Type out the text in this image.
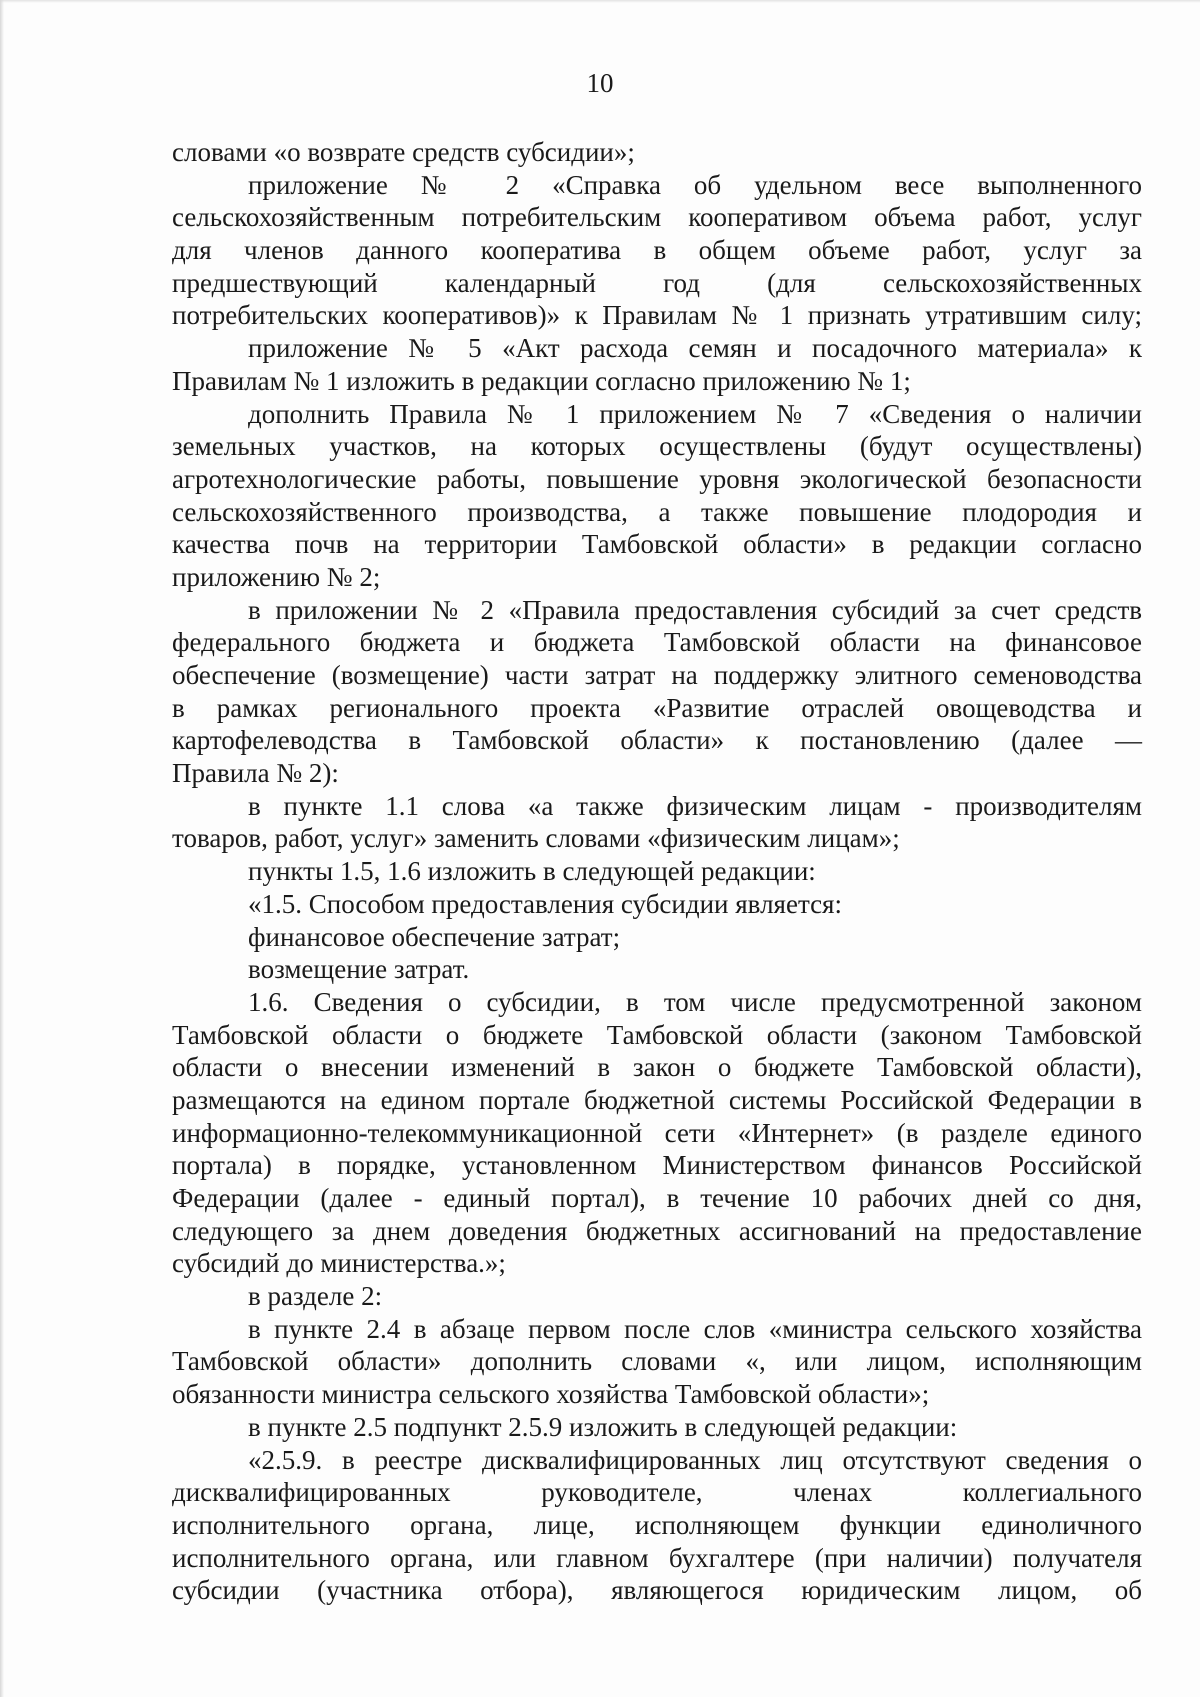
10
словами «о возврате средств субсидии»;
приложение № 2 «Справка об удельном весе выполненного
сельскохозяйственным потребительским кооперативом объема работ, услуг
для членов данного кооператива в общем объеме работ, услуг за
предшествующий календарный год (для сельскохозяйственных
потребительских кооперативов)» к Правилам № 1 признать утратившим силу;
приложение № 5 «Акт расхода семян и посадочного материала» к
Правилам № 1 изложить в редакции согласно приложению № 1;
дополнить Правила № 1 приложением № 7 «Сведения о наличии
земельных участков, на которых осуществлены (будут осуществлены)
агротехнологические работы, повышение уровня экологической безопасности
сельскохозяйственного производства, а также повышение плодородия и
качества почв на территории Тамбовской области» в редакции согласно
приложению № 2;
в приложении № 2 «Правила предоставления субсидий за счет средств
федерального бюджета и бюджета Тамбовской области на финансовое
обеспечение (возмещение) части затрат на поддержку элитного семеноводства
в рамках регионального проекта «Развитие отраслей овощеводства и
картофелеводства в Тамбовской области» к постановлению (далее —
Правила № 2):
в пункте 1.1 слова «а также физическим лицам - производителям
товаров, работ, услуг» заменить словами «физическим лицам»;
пункты 1.5, 1.6 изложить в следующей редакции:
«1.5. Способом предоставления субсидии является:
финансовое обеспечение затрат;
возмещение затрат.
1.6. Сведения о субсидии, в том числе предусмотренной законом
Тамбовской области о бюджете Тамбовской области (законом Тамбовской
области о внесении изменений в закон о бюджете Тамбовской области),
размещаются на едином портале бюджетной системы Российской Федерации в
информационно-телекоммуникационной сети «Интернет» (в разделе единого
портала) в порядке, установленном Министерством финансов Российской
Федерации (далее - единый портал), в течение 10 рабочих дней со дня,
следующего за днем доведения бюджетных ассигнований на предоставление
субсидий до министерства.»;
в разделе 2:
в пункте 2.4 в абзаце первом после слов «министра сельского хозяйства
Тамбовской области» дополнить словами «, или лицом, исполняющим
обязанности министра сельского хозяйства Тамбовской области»;
в пункте 2.5 подпункт 2.5.9 изложить в следующей редакции:
«2.5.9. в реестре дисквалифицированных лиц отсутствуют сведения о
дисквалифицированных руководителе, членах коллегиального
исполнительного органа, лице, исполняющем функции единоличного
исполнительного органа, или главном бухгалтере (при наличии) получателя
субсидии (участника отбора), являющегося юридическим лицом, об
